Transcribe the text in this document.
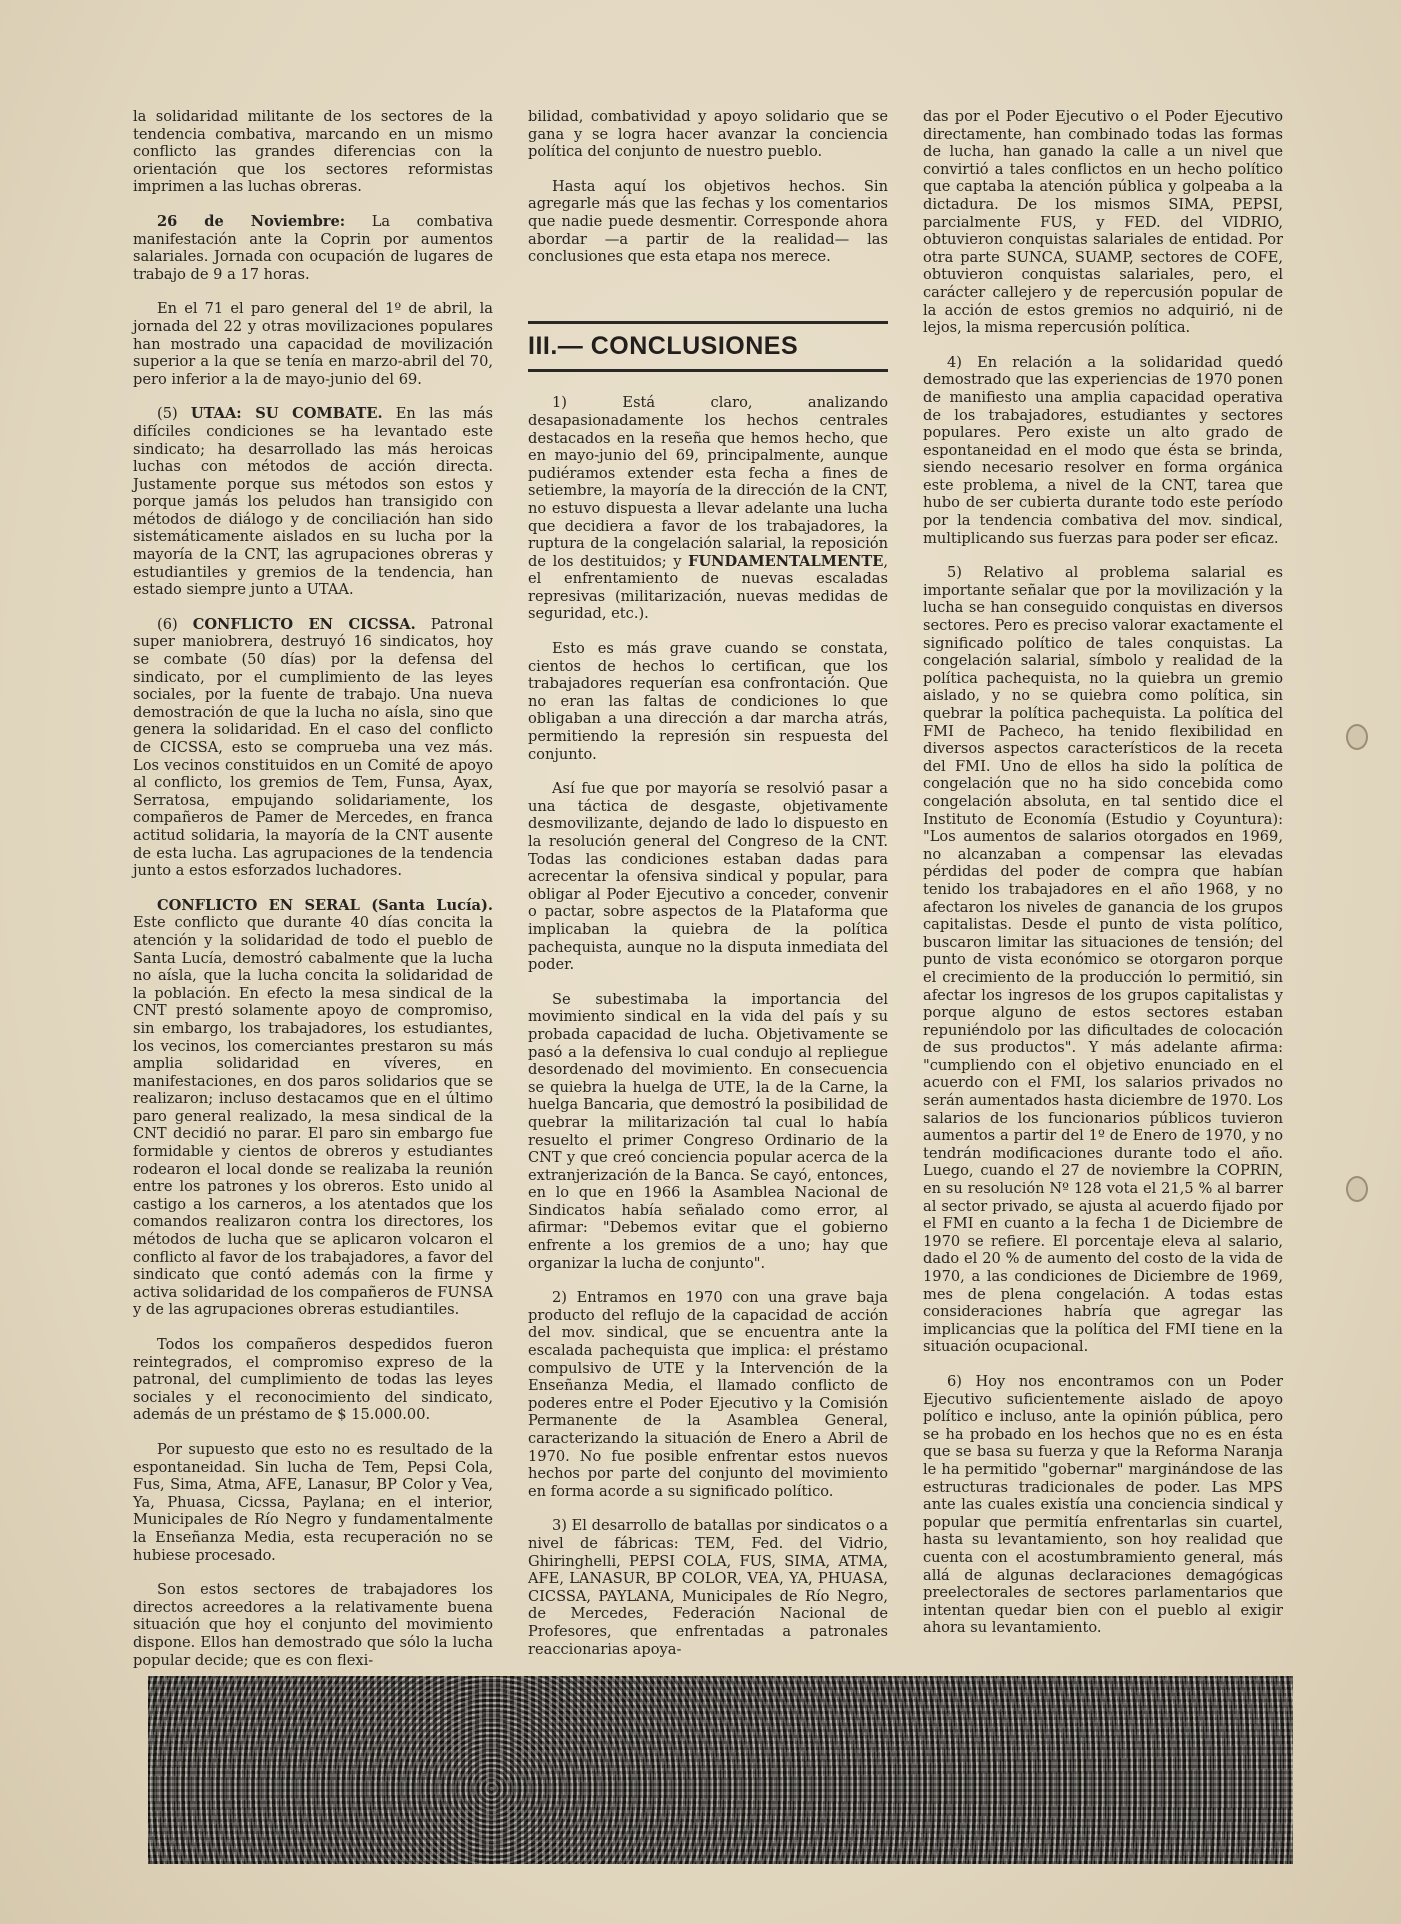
la solidaridad militante de los sectores de la tendencia combativa, marcando en un mismo conflicto las grandes diferencias con la orientación que los sectores reformistas imprimen a las luchas obreras.

26 de Noviembre: La combativa manifestación ante la Coprin por aumentos salariales. Jornada con ocupación de lugares de trabajo de 9 a 17 horas.

En el 71 el paro general del 1º de abril, la jornada del 22 y otras movilizaciones populares han mostrado una capacidad de movilización superior a la que se tenía en marzo-abril del 70, pero inferior a la de mayo-junio del 69.

(5) UTAA: SU COMBATE. En las más difíciles condiciones se ha levantado este sindicato; ha desarrollado las más heroicas luchas con métodos de acción directa. Justamente porque sus métodos son estos y porque jamás los peludos han transigido con métodos de diálogo y de conciliación han sido sistemáticamente aislados en su lucha por la mayoría de la CNT, las agrupaciones obreras y estudiantiles y gremios de la tendencia, han estado siempre junto a UTAA.

(6) CONFLICTO EN CICSSA. Patronal super maniobrera, destruyó 16 sindicatos, hoy se combate (50 días) por la defensa del sindicato, por el cumplimiento de las leyes sociales, por la fuente de trabajo. Una nueva demostración de que la lucha no aísla, sino que genera la solidaridad. En el caso del conflicto de CICSSA, esto se comprueba una vez más. Los vecinos constituidos en un Comité de apoyo al conflicto, los gremios de Tem, Funsa, Ayax, Serratosa, empujando solidariamente, los compañeros de Pamer de Mercedes, en franca actitud solidaria, la mayoría de la CNT ausente de esta lucha. Las agrupaciones de la tendencia junto a estos esforzados luchadores.

CONFLICTO EN SERAL (Santa Lucía). Este conflicto que durante 40 días concita la atención y la solidaridad de todo el pueblo de Santa Lucía, demostró cabalmente que la lucha no aísla, que la lucha concita la solidaridad de la población. En efecto la mesa sindical de la CNT prestó solamente apoyo de compromiso, sin embargo, los trabajadores, los estudiantes, los vecinos, los comerciantes prestaron su más amplia solidaridad en víveres, en manifestaciones, en dos paros solidarios que se realizaron; incluso destacamos que en el último paro general realizado, la mesa sindical de la CNT decidió no parar. El paro sin embargo fue formidable y cientos de obreros y estudiantes rodearon el local donde se realizaba la reunión entre los patrones y los obreros. Esto unido al castigo a los carneros, a los atentados que los comandos realizaron contra los directores, los métodos de lucha que se aplicaron volcaron el conflicto al favor de los trabajadores, a favor del sindicato que contó además con la firme y activa solidaridad de los compañeros de FUNSA y de las agrupaciones obreras estudiantiles.

Todos los compañeros despedidos fueron reintegrados, el compromiso expreso de la patronal, del cumplimiento de todas las leyes sociales y el reconocimiento del sindicato, además de un préstamo de $ 15.000.00.

Por supuesto que esto no es resultado de la espontaneidad. Sin lucha de Tem, Pepsi Cola, Fus, Sima, Atma, AFE, Lanasur, BP Color y Vea, Ya, Phuasa, Cicssa, Paylana; en el interior, Municipales de Río Negro y fundamentalmente la Enseñanza Media, esta recuperación no se hubiese procesado.

Son estos sectores de trabajadores los directos acreedores a la relativamente buena situación que hoy el conjunto del movimiento dispone. Ellos han demostrado que sólo la lucha popular decide; que es con flexi-

bilidad, combatividad y apoyo solidario que se gana y se logra hacer avanzar la conciencia política del conjunto de nuestro pueblo.

Hasta aquí los objetivos hechos. Sin agregarle más que las fechas y los comentarios que nadie puede desmentir. Corresponde ahora abordar —a partir de la realidad— las conclusiones que esta etapa nos merece.

III.— CONCLUSIONES

1) Está claro, analizando desapasionadamente los hechos centrales destacados en la reseña que hemos hecho, que en mayo-junio del 69, principalmente, aunque pudiéramos extender esta fecha a fines de setiembre, la mayoría de la dirección de la CNT, no estuvo dispuesta a llevar adelante una lucha que decidiera a favor de los trabajadores, la ruptura de la congelación salarial, la reposición de los destituidos; y FUNDAMENTALMENTE, el enfrentamiento de nuevas escaladas represivas (militarización, nuevas medidas de seguridad, etc.).

Esto es más grave cuando se constata, cientos de hechos lo certifican, que los trabajadores requerían esa confrontación. Que no eran las faltas de condiciones lo que obligaban a una dirección a dar marcha atrás, permitiendo la represión sin respuesta del conjunto.

Así fue que por mayoría se resolvió pasar a una táctica de desgaste, objetivamente desmovilizante, dejando de lado lo dispuesto en la resolución general del Congreso de la CNT. Todas las condiciones estaban dadas para acrecentar la ofensiva sindical y popular, para obligar al Poder Ejecutivo a conceder, convenir o pactar, sobre aspectos de la Plataforma que implicaban la quiebra de la política pachequista, aunque no la disputa inmediata del poder.

Se subestimaba la importancia del movimiento sindical en la vida del país y su probada capacidad de lucha. Objetivamente se pasó a la defensiva lo cual condujo al repliegue desordenado del movimiento. En consecuencia se quiebra la huelga de UTE, la de la Carne, la huelga Bancaria, que demostró la posibilidad de quebrar la militarización tal cual lo había resuelto el primer Congreso Ordinario de la CNT y que creó conciencia popular acerca de la extranjerización de la Banca. Se cayó, entonces, en lo que en 1966 la Asamblea Nacional de Sindicatos había señalado como error, al afirmar: "Debemos evitar que el gobierno enfrente a los gremios de a uno; hay que organizar la lucha de conjunto".

2) Entramos en 1970 con una grave baja producto del reflujo de la capacidad de acción del mov. sindical, que se encuentra ante la escalada pachequista que implica: el préstamo compulsivo de UTE y la Intervención de la Enseñanza Media, el llamado conflicto de poderes entre el Poder Ejecutivo y la Comisión Permanente de la Asamblea General, caracterizando la situación de Enero a Abril de 1970. No fue posible enfrentar estos nuevos hechos por parte del conjunto del movimiento en forma acorde a su significado político.

3) El desarrollo de batallas por sindicatos o a nivel de fábricas: TEM, Fed. del Vidrio, Ghiringhelli, PEPSI COLA, FUS, SIMA, ATMA, AFE, LANASUR, BP COLOR, VEA, YA, PHUASA, CICSSA, PAYLANA, Municipales de Río Negro, de Mercedes, Federación Nacional de Profesores, que enfrentadas a patronales reaccionarias apoya-

das por el Poder Ejecutivo o el Poder Ejecutivo directamente, han combinado todas las formas de lucha, han ganado la calle a un nivel que convirtió a tales conflictos en un hecho político que captaba la atención pública y golpeaba a la dictadura. De los mismos SIMA, PEPSI, parcialmente FUS, y FED. del VIDRIO, obtuvieron conquistas salariales de entidad. Por otra parte SUNCA, SUAMP, sectores de COFE, obtuvieron conquistas salariales, pero, el carácter callejero y de repercusión popular de la acción de estos gremios no adquirió, ni de lejos, la misma repercusión política.

4) En relación a la solidaridad quedó demostrado que las experiencias de 1970 ponen de manifiesto una amplia capacidad operativa de los trabajadores, estudiantes y sectores populares. Pero existe un alto grado de espontaneidad en el modo que ésta se brinda, siendo necesario resolver en forma orgánica este problema, a nivel de la CNT, tarea que hubo de ser cubierta durante todo este período por la tendencia combativa del mov. sindical, multiplicando sus fuerzas para poder ser eficaz.

5) Relativo al problema salarial es importante señalar que por la movilización y la lucha se han conseguido conquistas en diversos sectores. Pero es preciso valorar exactamente el significado político de tales conquistas. La congelación salarial, símbolo y realidad de la política pachequista, no la quiebra un gremio aislado, y no se quiebra como política, sin quebrar la política pachequista. La política del FMI de Pacheco, ha tenido flexibilidad en diversos aspectos característicos de la receta del FMI. Uno de ellos ha sido la política de congelación que no ha sido concebida como congelación absoluta, en tal sentido dice el Instituto de Economía (Estudio y Coyuntura): "Los aumentos de salarios otorgados en 1969, no alcanzaban a compensar las elevadas pérdidas del poder de compra que habían tenido los trabajadores en el año 1968, y no afectaron los niveles de ganancia de los grupos capitalistas. Desde el punto de vista político, buscaron limitar las situaciones de tensión; del punto de vista económico se otorgaron porque el crecimiento de la producción lo permitió, sin afectar los ingresos de los grupos capitalistas y porque alguno de estos sectores estaban repuniéndolo por las dificultades de colocación de sus productos". Y más adelante afirma: "cumpliendo con el objetivo enunciado en el acuerdo con el FMI, los salarios privados no serán aumentados hasta diciembre de 1970. Los salarios de los funcionarios públicos tuvieron aumentos a partir del 1º de Enero de 1970, y no tendrán modificaciones durante todo el año. Luego, cuando el 27 de noviembre la COPRIN, en su resolución Nº 128 vota el 21,5 % al barrer al sector privado, se ajusta al acuerdo fijado por el FMI en cuanto a la fecha 1 de Diciembre de 1970 se refiere. El porcentaje eleva al salario, dado el 20 % de aumento del costo de la vida de 1970, a las condiciones de Diciembre de 1969, mes de plena congelación. A todas estas consideraciones habría que agregar las implicancias que la política del FMI tiene en la situación ocupacional.

6) Hoy nos encontramos con un Poder Ejecutivo suficientemente aislado de apoyo político e incluso, ante la opinión pública, pero se ha probado en los hechos que no es en ésta que se basa su fuerza y que la Reforma Naranja le ha permitido "gobernar" marginándose de las estructuras tradicionales de poder. Las MPS ante las cuales existía una conciencia sindical y popular que permitía enfrentarlas sin cuartel, hasta su levantamiento, son hoy realidad que cuenta con el acostumbramiento general, más allá de algunas declaraciones demagógicas preelectorales de sectores parlamentarios que intentan quedar bien con el pueblo al exigir ahora su levantamiento.
